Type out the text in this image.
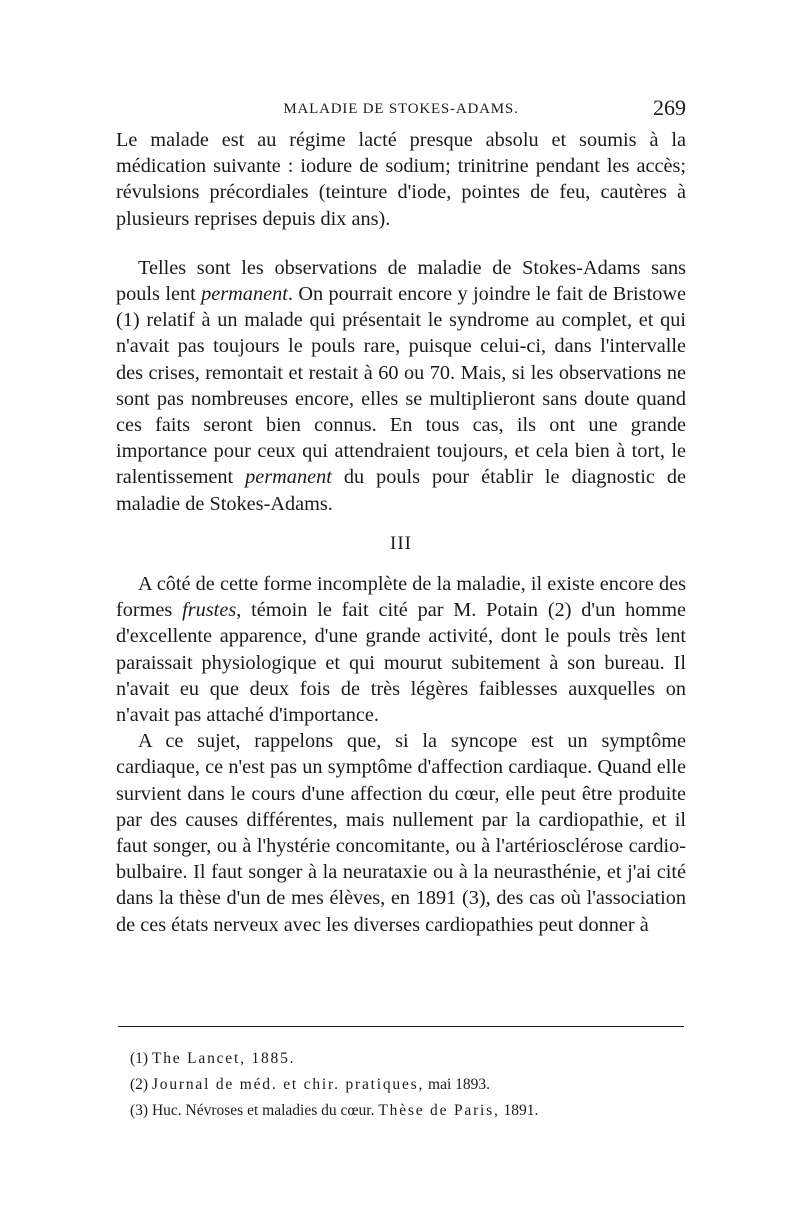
MALADIE DE STOKES-ADAMS.	269

Le malade est au régime lacté presque absolu et soumis à la médication suivante : iodure de sodium; trinitrine pendant les accès; révulsions précordiales (teinture d'iode, pointes de feu, cautères à plusieurs reprises depuis dix ans).

Telles sont les observations de maladie de Stokes-Adams sans pouls lent permanent. On pourrait encore y joindre le fait de Bristowe (1) relatif à un malade qui présentait le syndrome au complet, et qui n'avait pas toujours le pouls rare, puisque celui-ci, dans l'intervalle des crises, remontait et restait à 60 ou 70. Mais, si les observations ne sont pas nombreuses encore, elles se multiplieront sans doute quand ces faits seront bien connus. En tous cas, ils ont une grande importance pour ceux qui attendraient toujours, et cela bien à tort, le ralentissement permanent du pouls pour établir le diagnostic de maladie de Stokes-Adams.

III

A côté de cette forme incomplète de la maladie, il existe encore des formes frustes, témoin le fait cité par M. Potain (2) d'un homme d'excellente apparence, d'une grande activité, dont le pouls très lent paraissait physiologique et qui mourut subitement à son bureau. Il n'avait eu que deux fois de très légères faiblesses auxquelles on n'avait pas attaché d'importance.

A ce sujet, rappelons que, si la syncope est un symptôme cardiaque, ce n'est pas un symptôme d'affection cardiaque. Quand elle survient dans le cours d'une affection du cœur, elle peut être produite par des causes différentes, mais nullement par la cardiopathie, et il faut songer, ou à l'hystérie concomitante, ou à l'artériosclérose cardio-bulbaire. Il faut songer à la neurataxie ou à la neurasthénie, et j'ai cité dans la thèse d'un de mes élèves, en 1891 (3), des cas où l'association de ces états nerveux avec les diverses cardiopathies peut donner à

(1) The Lancet, 1885.

(2) Journal de méd. et chir. pratiques, mai 1893.

(3) Huc. Névroses et maladies du cœur. Thèse de Paris, 1891.
